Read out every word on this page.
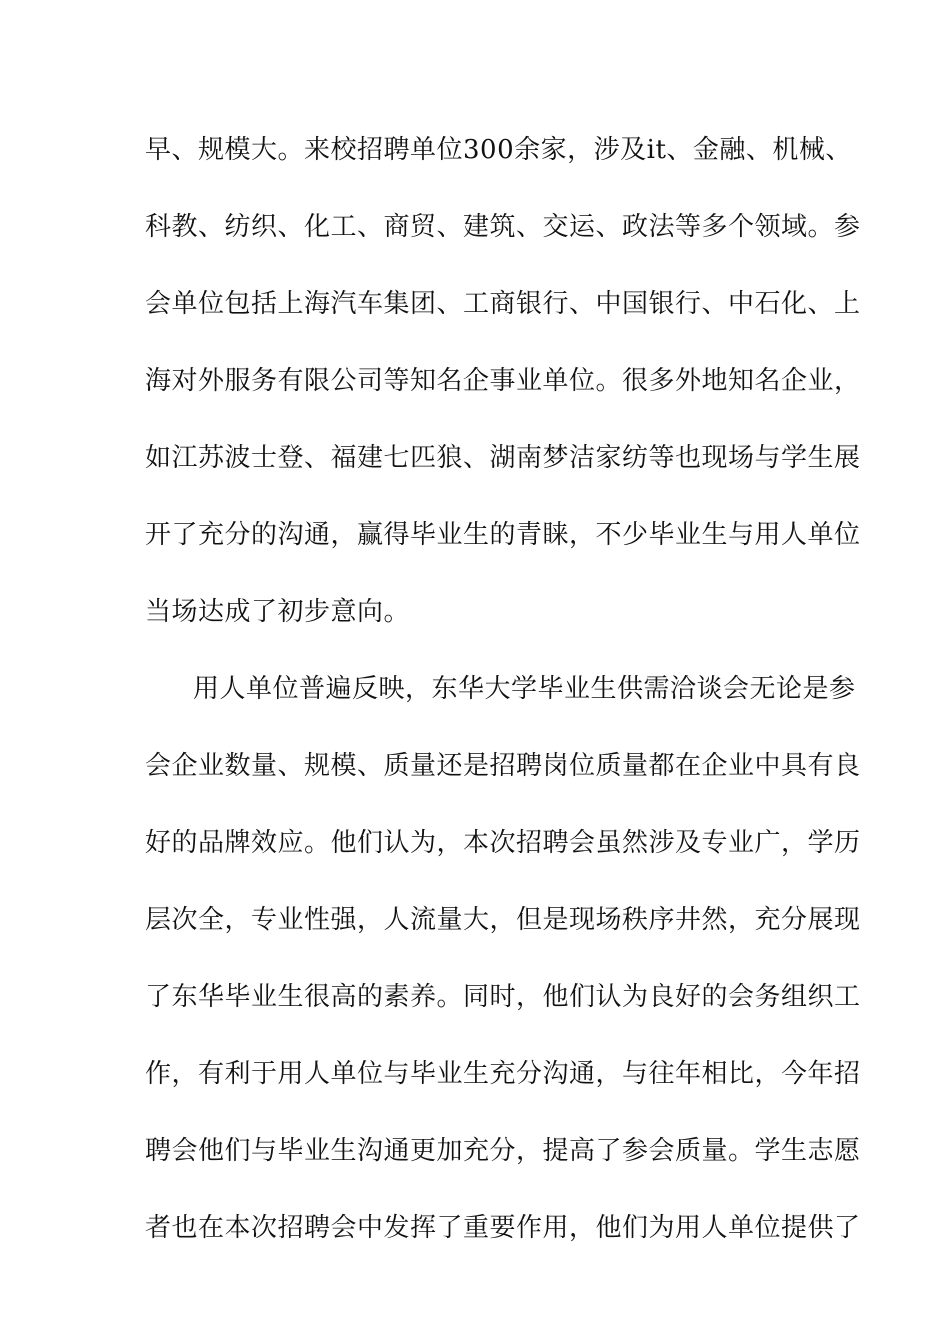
早、规模大。来校招聘单位300余家，涉及it、金融、机械、
科教、纺织、化工、商贸、建筑、交运、政法等多个领域。参
会单位包括上海汽车集团、工商银行、中国银行、中石化、上
海对外服务有限公司等知名企事业单位。很多外地知名企业，
如江苏波士登、福建七匹狼、湖南梦洁家纺等也现场与学生展
开了充分的沟通，赢得毕业生的青睐，不少毕业生与用人单位
当场达成了初步意向。
用人单位普遍反映，东华大学毕业生供需洽谈会无论是参
会企业数量、规模、质量还是招聘岗位质量都在企业中具有良
好的品牌效应。他们认为，本次招聘会虽然涉及专业广，学历
层次全，专业性强，人流量大，但是现场秩序井然，充分展现
了东华毕业生很高的素养。同时，他们认为良好的会务组织工
作，有利于用人单位与毕业生充分沟通，与往年相比，今年招
聘会他们与毕业生沟通更加充分，提高了参会质量。学生志愿
者也在本次招聘会中发挥了重要作用，他们为用人单位提供了
